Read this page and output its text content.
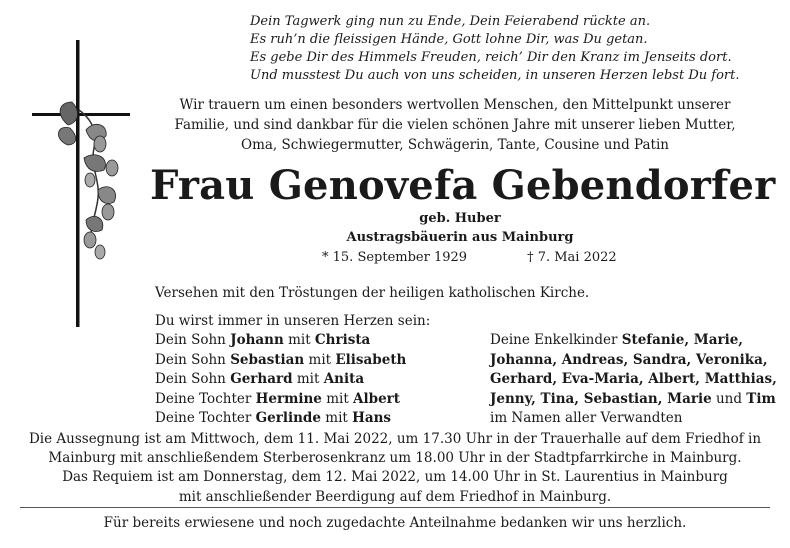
Dein Tagwerk ging nun zu Ende, Dein Feierabend rückte an.
Es ruh’n die fleissigen Hände, Gott lohne Dir, was Du getan.
Es gebe Dir des Himmels Freuden, reich’ Dir den Kranz im Jenseits dort.
Und musstest Du auch von uns scheiden, in unseren Herzen lebst Du fort.
Wir trauern um einen besonders wertvollen Menschen, den Mittelpunkt unserer
Familie, und sind dankbar für die vielen schönen Jahre mit unserer lieben Mutter,
Oma, Schwiegermutter, Schwägerin, Tante, Cousine und Patin
Frau Genovefa Gebendorfer
geb. Huber
Austragsbäuerin aus Mainburg
* 15. September 1929	† 7. Mai 2022
Versehen mit den Tröstungen der heiligen katholischen Kirche.
Du wirst immer in unseren Herzen sein:
Dein Sohn Johann mit Christa
Dein Sohn Sebastian mit Elisabeth
Dein Sohn Gerhard mit Anita
Deine Tochter Hermine mit Albert
Deine Tochter Gerlinde mit Hans
Deine Enkelkinder Stefanie, Marie,
Johanna, Andreas, Sandra, Veronika,
Gerhard, Eva-Maria, Albert, Matthias,
Jenny, Tina, Sebastian, Marie und Tim
im Namen aller Verwandten
Die Aussegnung ist am Mittwoch, dem 11. Mai 2022, um 17.30 Uhr in der Trauerhalle auf dem Friedhof in
Mainburg mit anschließendem Sterberosenkranz um 18.00 Uhr in der Stadtpfarrkirche in Mainburg.
Das Requiem ist am Donnerstag, dem 12. Mai 2022, um 14.00 Uhr in St. Laurentius in Mainburg
mit anschließender Beerdigung auf dem Friedhof in Mainburg.
Für bereits erwiesene und noch zugedachte Anteilnahme bedanken wir uns herzlich.
